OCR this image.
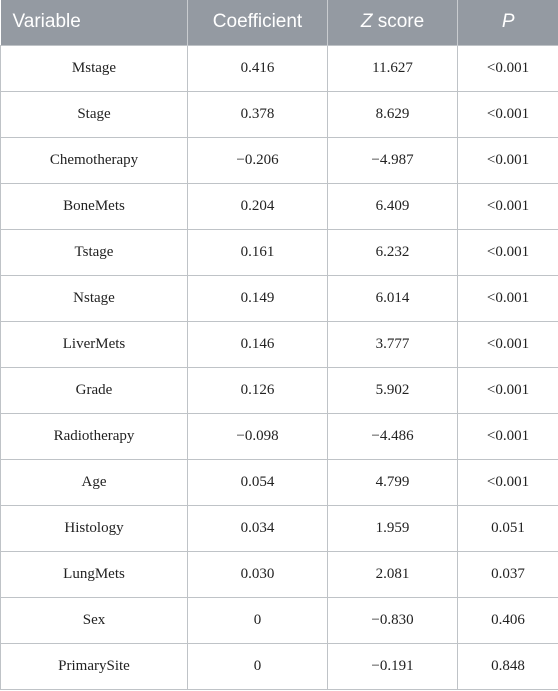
Variable	Coefficient	Z score	P
Mstage	0.416	11.627	<0.001
Stage	0.378	8.629	<0.001
Chemotherapy	−0.206	−4.987	<0.001
BoneMets	0.204	6.409	<0.001
Tstage	0.161	6.232	<0.001
Nstage	0.149	6.014	<0.001
LiverMets	0.146	3.777	<0.001
Grade	0.126	5.902	<0.001
Radiotherapy	−0.098	−4.486	<0.001
Age	0.054	4.799	<0.001
Histology	0.034	1.959	0.051
LungMets	0.030	2.081	0.037
Sex	0	−0.830	0.406
PrimarySite	0	−0.191	0.848
